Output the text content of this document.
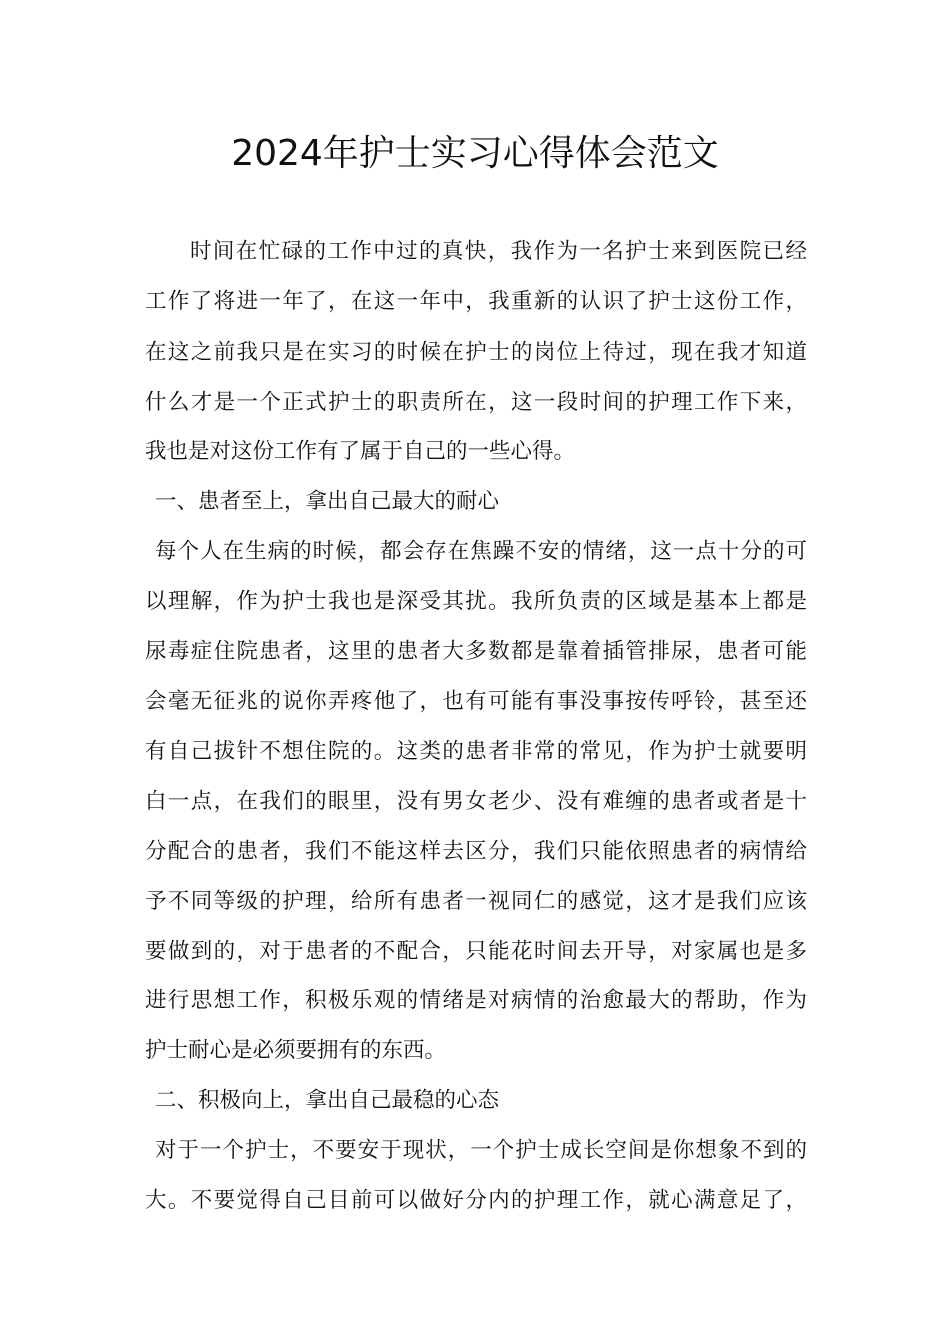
2024年护士实习心得体会范文
时间在忙碌的工作中过的真快，我作为一名护士来到医院已经
工作了将进一年了，在这一年中，我重新的认识了护士这份工作，
在这之前我只是在实习的时候在护士的岗位上待过，现在我才知道
什么才是一个正式护士的职责所在，这一段时间的护理工作下来，
我也是对这份工作有了属于自己的一些心得。
一、患者至上，拿出自己最大的耐心
每个人在生病的时候，都会存在焦躁不安的情绪，这一点十分的可
以理解，作为护士我也是深受其扰。我所负责的区域是基本上都是
尿毒症住院患者，这里的患者大多数都是靠着插管排尿，患者可能
会毫无征兆的说你弄疼他了，也有可能有事没事按传呼铃，甚至还
有自己拔针不想住院的。这类的患者非常的常见，作为护士就要明
白一点，在我们的眼里，没有男女老少、没有难缠的患者或者是十
分配合的患者，我们不能这样去区分，我们只能依照患者的病情给
予不同等级的护理，给所有患者一视同仁的感觉，这才是我们应该
要做到的，对于患者的不配合，只能花时间去开导，对家属也是多
进行思想工作，积极乐观的情绪是对病情的治愈最大的帮助，作为
护士耐心是必须要拥有的东西。
二、积极向上，拿出自己最稳的心态
对于一个护士，不要安于现状，一个护士成长空间是你想象不到的
大。不要觉得自己目前可以做好分内的护理工作，就心满意足了，
